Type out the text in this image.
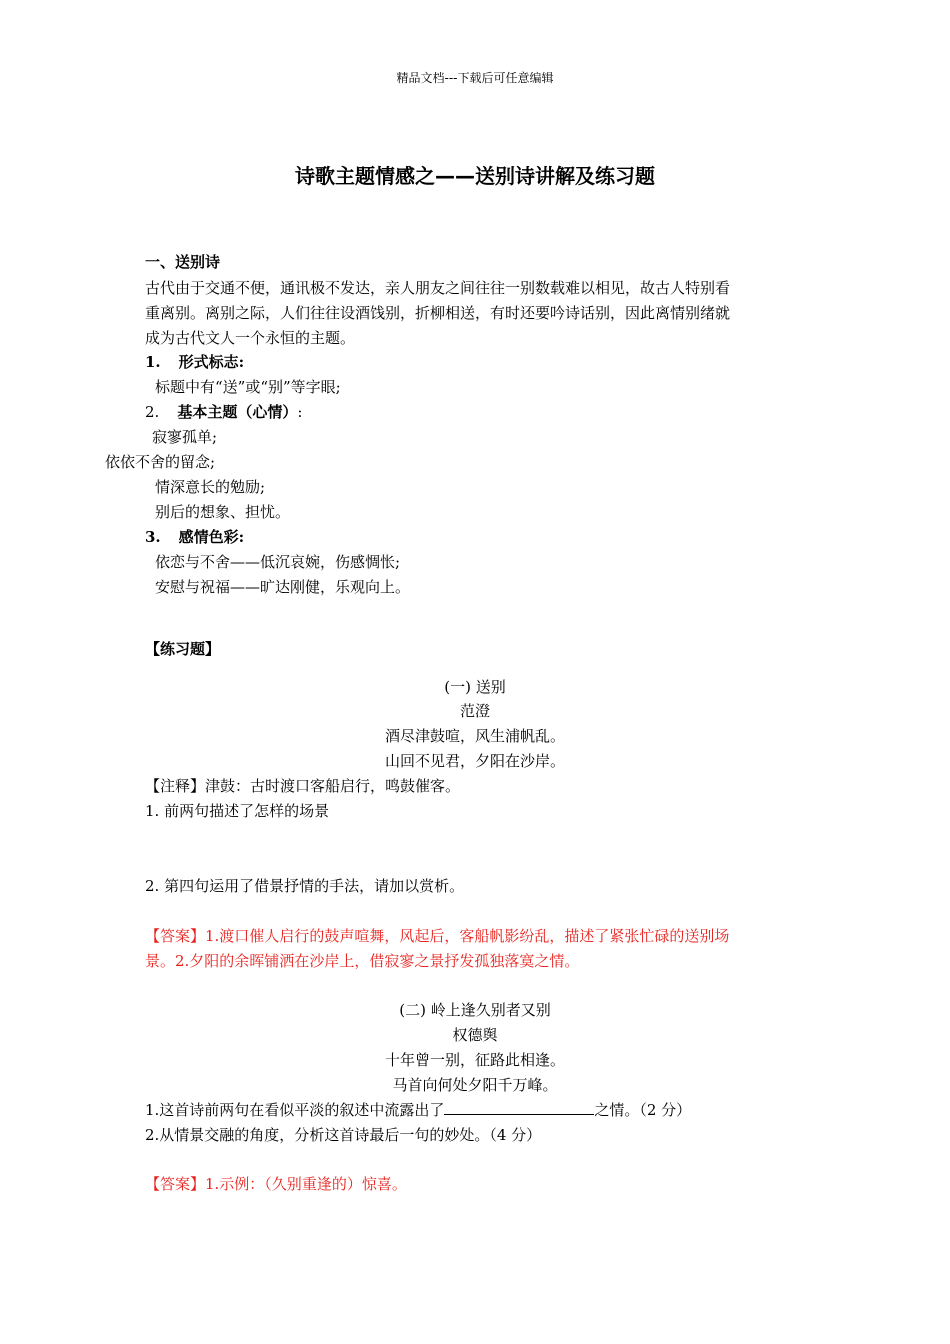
精品文档---下载后可任意编辑
诗歌主题情感之——送别诗讲解及练习题
一、送别诗
古代由于交通不便，通讯极不发达，亲人朋友之间往往一别数载难以相见，故古人特别看
重离别。离别之际，人们往往设酒饯别，折柳相送，有时还要吟诗话别，因此离情别绪就
成为古代文人一个永恒的主题。
1. 形式标志:
标题中有“送”或“别”等字眼;
2. 基本主题（心情）:
寂寥孤单;
依依不舍的留念;
情深意长的勉励;
别后的想象、担忧。
3. 感情色彩:
依恋与不舍——低沉哀婉，伤感惆怅;
安慰与祝福——旷达刚健，乐观向上。
【练习题】
(一) 送别
范澄
酒尽津鼓喧，风生浦帆乱。
山回不见君，夕阳在沙岸。
【注释】津鼓：古时渡口客船启行，鸣鼓催客。
1. 前两句描述了怎样的场景
2. 第四句运用了借景抒情的手法，请加以赏析。
【答案】1.渡口催人启行的鼓声喧舞，风起后，客船帆影纷乱，描述了紧张忙碌的送别场
景。2.夕阳的余晖铺洒在沙岸上，借寂寥之景抒发孤独落寞之情。
(二) 岭上逢久别者又别
权德舆
十年曾一别，征路此相逢。
马首向何处夕阳千万峰。
1.这首诗前两句在看似平淡的叙述中流露出了	之情。（2 分）
2.从情景交融的角度，分析这首诗最后一句的妙处。（4 分）
【答案】1.示例：（久别重逢的）惊喜。
